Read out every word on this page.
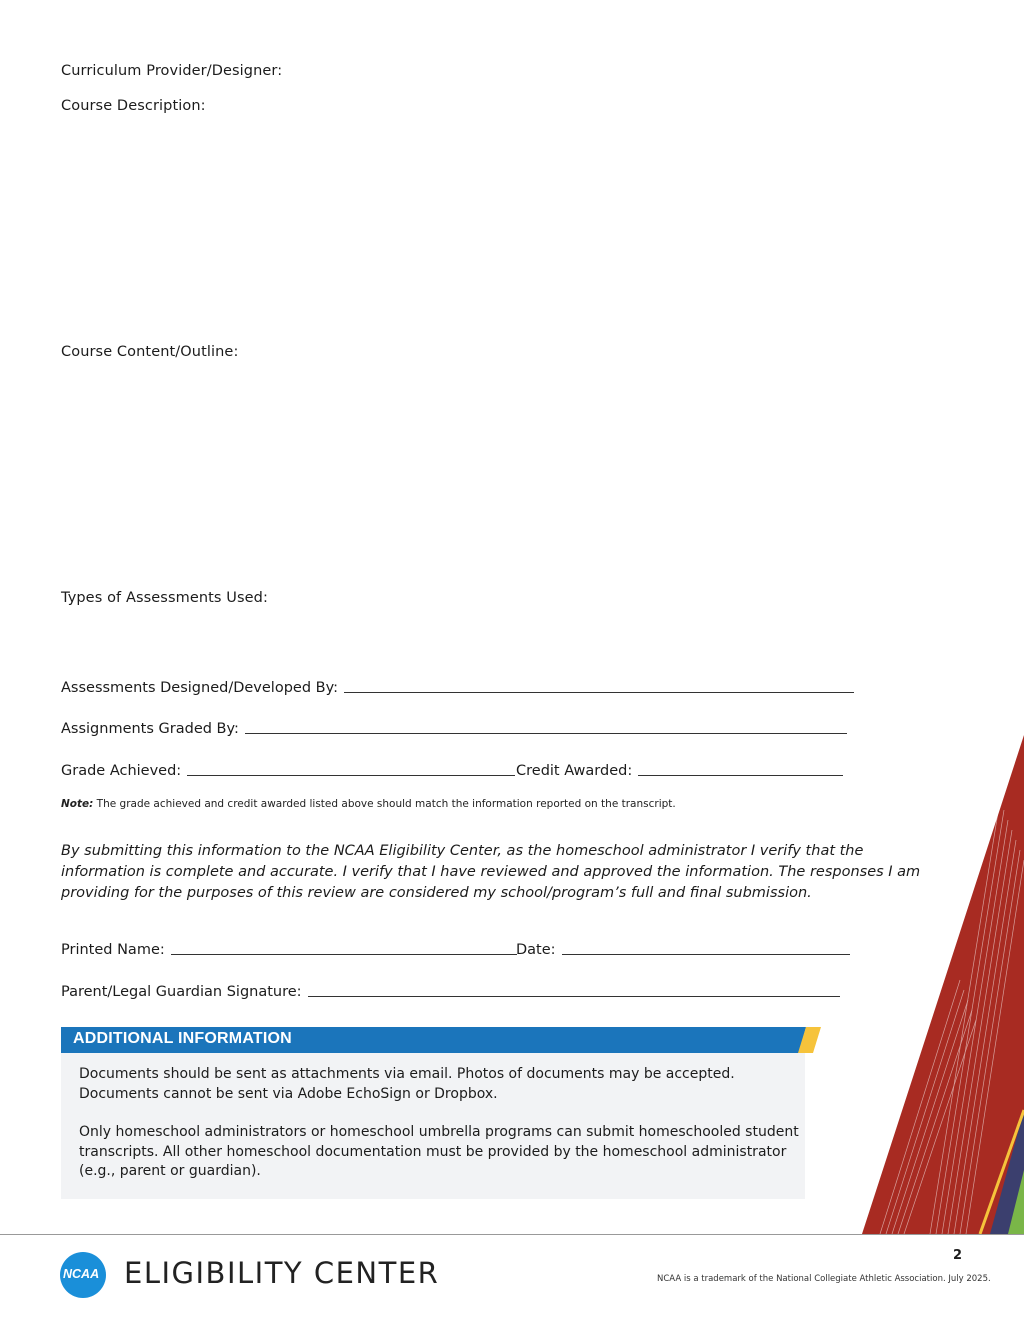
Curriculum Provider/Designer:
Course Description:
Course Content/Outline:
Types of Assessments Used:
Assessments Designed/Developed By:
Assignments Graded By:
Grade Achieved:	Credit Awarded:
Note: The grade achieved and credit awarded listed above should match the information reported on the transcript.
By submitting this information to the NCAA Eligibility Center, as the homeschool administrator I verify that the information is complete and accurate. I verify that I have reviewed and approved the information. The responses I am providing for the purposes of this review are considered my school/program’s full and final submission.
Printed Name:	Date:
Parent/Legal Guardian Signature:
ADDITIONAL INFORMATION
Documents should be sent as attachments via email. Photos of documents may be accepted.
Documents cannot be sent via Adobe EchoSign or Dropbox.
Only homeschool administrators or homeschool umbrella programs can submit homeschooled student
transcripts. All other homeschool documentation must be provided by the homeschool administrator
(e.g., parent or guardian).
NCAA ELIGIBILITY CENTER
2
NCAA is a trademark of the National Collegiate Athletic Association. July 2025.
